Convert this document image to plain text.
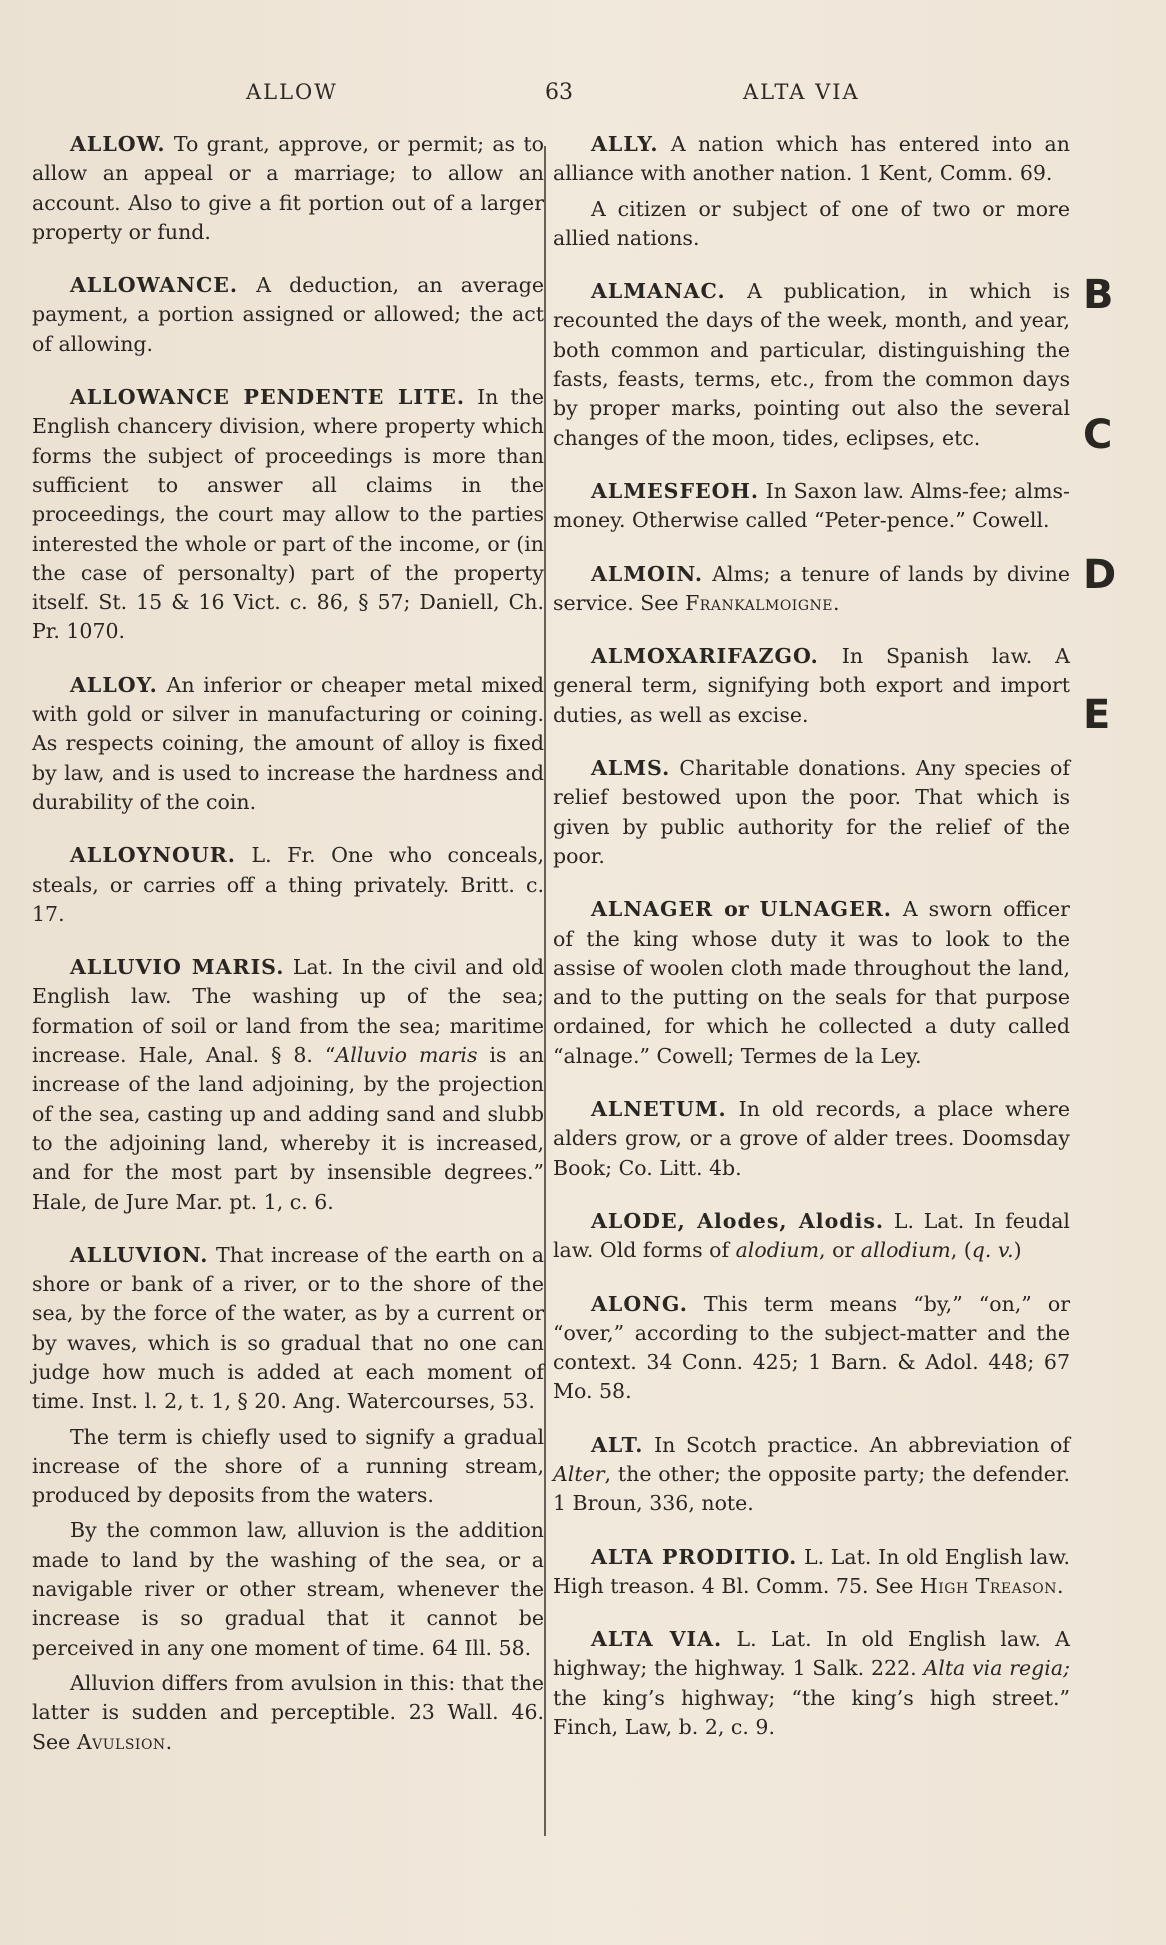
ALLOW	63	ALTA VIA

ALLOW. To grant, approve, or permit; as to allow an appeal or a marriage; to allow an account. Also to give a fit portion out of a larger property or fund.

ALLOWANCE. A deduction, an average payment, a portion assigned or allowed; the act of allowing.

ALLOWANCE PENDENTE LITE. In the English chancery division, where property which forms the subject of proceedings is more than sufficient to answer all claims in the proceedings, the court may allow to the parties interested the whole or part of the income, or (in the case of personalty) part of the property itself. St. 15 & 16 Vict. c. 86, § 57; Daniell, Ch. Pr. 1070.

ALLOY. An inferior or cheaper metal mixed with gold or silver in manufacturing or coining. As respects coining, the amount of alloy is fixed by law, and is used to increase the hardness and durability of the coin.

ALLOYNOUR. L. Fr. One who conceals, steals, or carries off a thing privately. Britt. c. 17.

ALLUVIO MARIS. Lat. In the civil and old English law. The washing up of the sea; formation of soil or land from the sea; maritime increase. Hale, Anal. § 8. “Alluvio maris is an increase of the land adjoining, by the projection of the sea, casting up and adding sand and slubb to the adjoining land, whereby it is increased, and for the most part by insensible degrees.” Hale, de Jure Mar. pt. 1, c. 6.

ALLUVION. That increase of the earth on a shore or bank of a river, or to the shore of the sea, by the force of the water, as by a current or by waves, which is so gradual that no one can judge how much is added at each moment of time. Inst. l. 2, t. 1, § 20. Ang. Watercourses, 53.

The term is chiefly used to signify a gradual increase of the shore of a running stream, produced by deposits from the waters.

By the common law, alluvion is the addition made to land by the washing of the sea, or a navigable river or other stream, whenever the increase is so gradual that it cannot be perceived in any one moment of time. 64 Ill. 58.

Alluvion differs from avulsion in this: that the latter is sudden and perceptible. 23 Wall. 46. See Avulsion.

ALLY. A nation which has entered into an alliance with another nation. 1 Kent, Comm. 69.

A citizen or subject of one of two or more allied nations.

ALMANAC. A publication, in which is recounted the days of the week, month, and year, both common and particular, distinguishing the fasts, feasts, terms, etc., from the common days by proper marks, pointing out also the several changes of the moon, tides, eclipses, etc.

ALMESFEOH. In Saxon law. Alms-fee; alms-money. Otherwise called “Peter-pence.” Cowell.

ALMOIN. Alms; a tenure of lands by divine service. See Frankalmoigne.

ALMOXARIFAZGO. In Spanish law. A general term, signifying both export and import duties, as well as excise.

ALMS. Charitable donations. Any species of relief bestowed upon the poor. That which is given by public authority for the relief of the poor.

ALNAGER or ULNAGER. A sworn officer of the king whose duty it was to look to the assise of woolen cloth made throughout the land, and to the putting on the seals for that purpose ordained, for which he collected a duty called “alnage.” Cowell; Termes de la Ley.

ALNETUM. In old records, a place where alders grow, or a grove of alder trees. Doomsday Book; Co. Litt. 4b.

ALODE, Alodes, Alodis. L. Lat. In feudal law. Old forms of alodium, or allodium, (q. v.)

ALONG. This term means “by,” “on,” or “over,” according to the subject-matter and the context. 34 Conn. 425; 1 Barn. & Adol. 448; 67 Mo. 58.

ALT. In Scotch practice. An abbreviation of Alter, the other; the opposite party; the defender. 1 Broun, 336, note.

ALTA PRODITIO. L. Lat. In old English law. High treason. 4 Bl. Comm. 75. See High Treason.

ALTA VIA. L. Lat. In old English law. A highway; the highway. 1 Salk. 222. Alta via regia; the king’s highway; “the king’s high street.” Finch, Law, b. 2, c. 9.

B
C
D
E
